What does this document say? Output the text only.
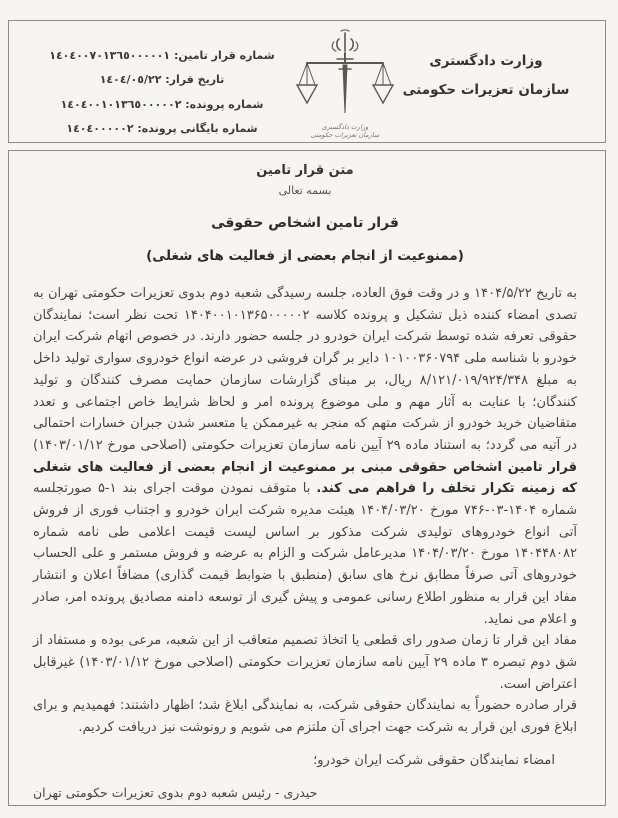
وزارت دادگستری
سازمان تعزیرات حکومتی
وزارت دادگستری
سازمان تعزیرات حکومتی
شماره قرار تامین: ١٤٠٤٠٠٧٠١٣٦٥٠٠٠٠٠١
تاریخ قرار: ١٤٠٤/٠٥/٢٢
شماره پرونده: ١٤٠٤٠٠١٠١٣٦٥٠٠٠٠٠٢
شماره بایگانی پرونده: ١٤٠٤٠٠٠٠٠٢
متن قرار تامین
بسمه تعالی
قرار تامین اشخاص حقوقی
(ممنوعیت از انجام بعضی از فعالیت های شغلی)

به تاریخ ۱۴۰۴/۵/۲۲ و در وقت فوق العاده، جلسه رسیدگی شعبه دوم بدوی تعزیرات حکومتی تهران به تصدی امضاء کننده ذیل تشکیل و پرونده کلاسه ۱۴۰۴۰۰۱۰۱۳۶۵۰۰۰۰۰۲ تحت نظر است؛ نمایندگان حقوقی تعرفه شده توسط شرکت ایران خودرو در جلسه حضور دارند. در خصوص اتهام شرکت ایران خودرو با شناسه ملی ۱۰۱۰۰۳۶۰۷۹۴ دایر بر گران فروشی در عرضه انواع خودروی سواری تولید داخل به مبلغ ۸/۱۲۱/۰۱۹/۹۲۴/۳۴۸ ریال، بر مبنای گزارشات سازمان حمایت مصرف کنندگان و تولید کنندگان؛ با عنایت به آثار مهم و ملی موضوع پرونده امر و لحاظ شرایط خاص اجتماعی و تعدد متقاضیان خرید خودرو از شرکت متهم که منجر به غیرممکن یا متعسر شدن جبران خسارات احتمالی در آتیه می گردد؛ به استناد ماده ۲۹ آیین نامه سازمان تعزیرات حکومتی (اصلاحی مورخ ۱۴۰۳/۰۱/۱۲) قرار تامین اشخاص حقوقی مبنی بر ممنوعیت از انجام بعضی از فعالیت های شغلی که زمینه تکرار تخلف را فراهم می کند. با متوقف نمودن موقت اجرای بند ۱-۵ صورتجلسه شماره ۱۴۰۴-۰۳-۷۴۶ مورخ ۱۴۰۴/۰۳/۲۰ هیئت مدیره شرکت ایران خودرو و اجتناب فوری از فروش آتی انواع خودروهای تولیدی شرکت مذکور بر اساس لیست قیمت اعلامی طی نامه شماره ۱۴۰۴۴۸۰۸۲ مورخ ۱۴۰۴/۰۳/۲۰ مدیرعامل شرکت و الزام به عرضه و فروش مستمر و علی الحساب خودروهای آتی صرفاً مطابق نرخ های سابق (منطبق با ضوابط قیمت گذاری) مضافاً اعلان و انتشار مفاد این قرار به منظور اطلاع رسانی عمومی و پیش گیری از توسعه دامنه مصادیق پرونده امر، صادر و اعلام می نماید.

مفاد این قرار تا زمان صدور رای قطعی یا اتخاذ تصمیم متعاقب از این شعبه، مرعی بوده و مستفاد از شق دوم تبصره ۳ ماده ۲۹ آیین نامه سازمان تعزیرات حکومتی (اصلاحی مورخ ۱۴۰۳/۰۱/۱۲) غیرقابل اعتراض است.

قرار صادره حضوراً به نمایندگان حقوقی شرکت، به نمایندگی ابلاغ شد؛ اظهار داشتند: فهمیدیم و برای ابلاغ فوری این قرار به شرکت جهت اجرای آن ملتزم می شویم و رونوشت نیز دریافت کردیم.

امضاء نمایندگان حقوقی شرکت ایران خودرو؛
حیدری - رئیس شعبه دوم بدوی تعزیرات حکومتی تهران
